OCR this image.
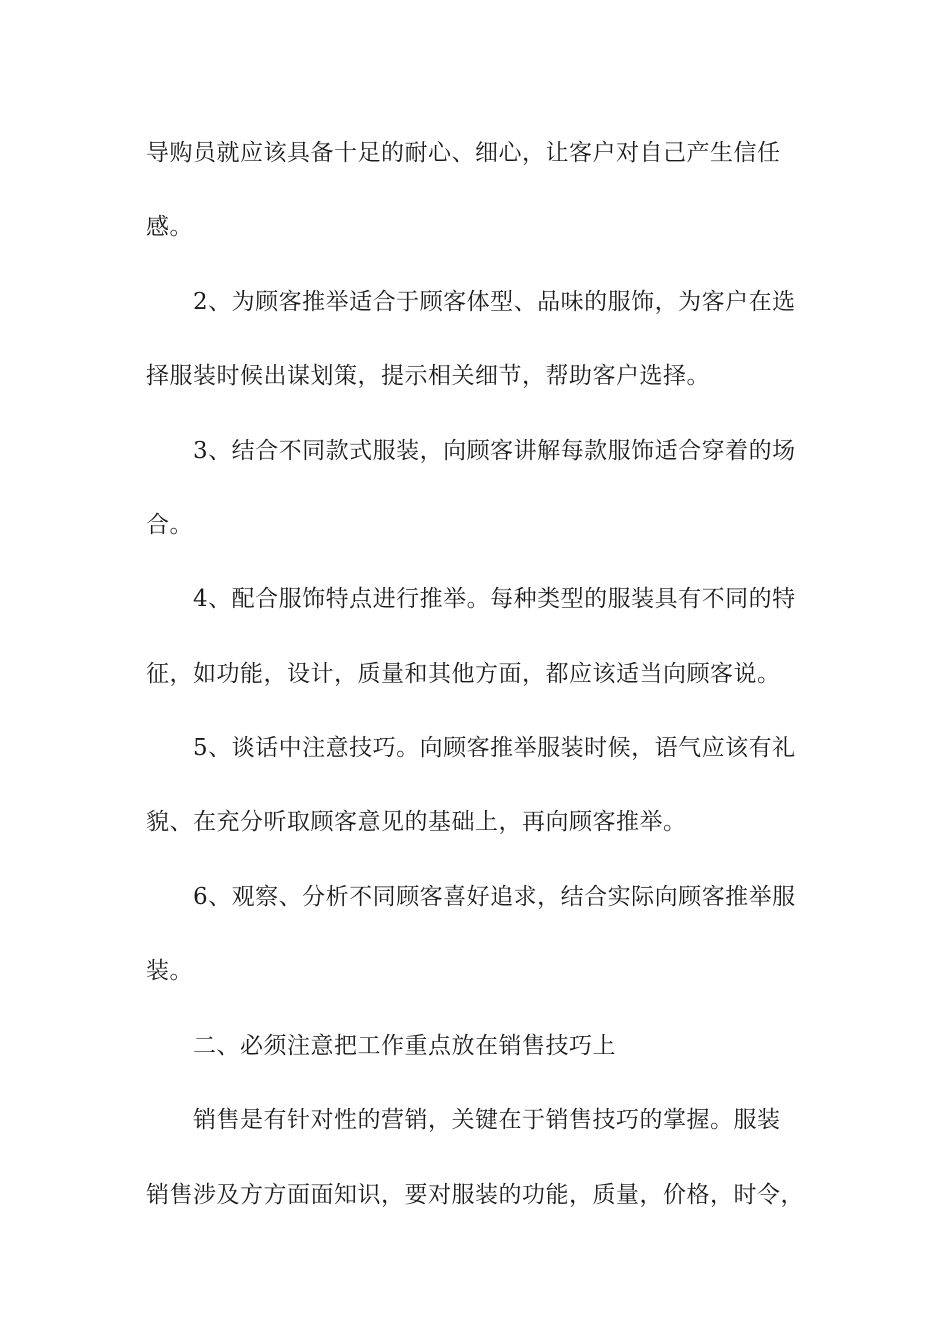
导购员就应该具备十足的耐心、细心，让客户对自己产生信任
感。
2、为顾客推举适合于顾客体型、品味的服饰，为客户在选
择服装时候出谋划策，提示相关细节，帮助客户选择。
3、结合不同款式服装，向顾客讲解每款服饰适合穿着的场
合。
4、配合服饰特点进行推举。每种类型的服装具有不同的特
征，如功能，设计，质量和其他方面，都应该适当向顾客说。
5、谈话中注意技巧。向顾客推举服装时候，语气应该有礼
貌、在充分听取顾客意见的基础上，再向顾客推举。
6、观察、分析不同顾客喜好追求，结合实际向顾客推举服
装。
二、必须注意把工作重点放在销售技巧上
销售是有针对性的营销，关键在于销售技巧的掌握。服装
销售涉及方方面面知识，要对服装的功能，质量，价格，时令，
